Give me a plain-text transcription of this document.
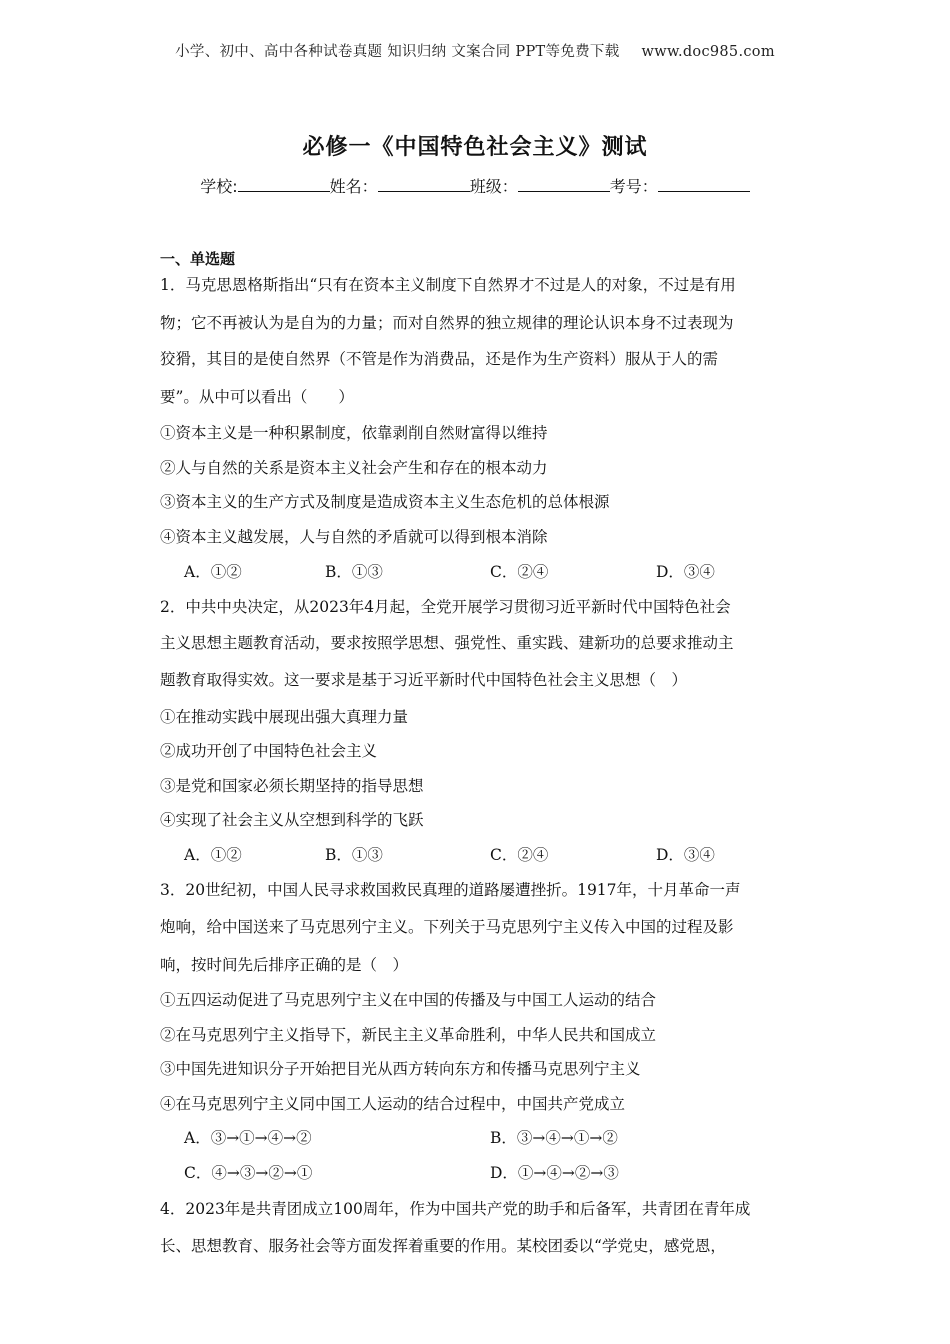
小学、初中、高中各种试卷真题 知识归纳 文案合同 PPT等免费下载 www.doc985.com
必修一《中国特色社会主义》测试
学校:	姓名：	班级：	考号：
一、单选题
1．马克思恩格斯指出“只有在资本主义制度下自然界才不过是人的对象，不过是有用
物；它不再被认为是自为的力量；而对自然界的独立规律的理论认识本身不过表现为
狡猾，其目的是使自然界（不管是作为消费品，还是作为生产资料）服从于人的需
要”。从中可以看出（　　）
①资本主义是一种积累制度，依靠剥削自然财富得以维持
②人与自然的关系是资本主义社会产生和存在的根本动力
③资本主义的生产方式及制度是造成资本主义生态危机的总体根源
④资本主义越发展，人与自然的矛盾就可以得到根本消除
A．①②	B．①③	C．②④	D．③④
2．中共中央决定，从2023年4月起，全党开展学习贯彻习近平新时代中国特色社会
主义思想主题教育活动，要求按照学思想、强党性、重实践、建新功的总要求推动主
题教育取得实效。这一要求是基于习近平新时代中国特色社会主义思想（　）
①在推动实践中展现出强大真理力量
②成功开创了中国特色社会主义
③是党和国家必须长期坚持的指导思想
④实现了社会主义从空想到科学的飞跃
A．①②	B．①③	C．②④	D．③④
3．20世纪初，中国人民寻求救国救民真理的道路屡遭挫折。1917年，十月革命一声
炮响，给中国送来了马克思列宁主义。下列关于马克思列宁主义传入中国的过程及影
响，按时间先后排序正确的是（　）
①五四运动促进了马克思列宁主义在中国的传播及与中国工人运动的结合
②在马克思列宁主义指导下，新民主主义革命胜利，中华人民共和国成立
③中国先进知识分子开始把目光从西方转向东方和传播马克思列宁主义
④在马克思列宁主义同中国工人运动的结合过程中，中国共产党成立
A．③→①→④→②	B．③→④→①→②
C．④→③→②→①	D．①→④→②→③
4．2023年是共青团成立100周年，作为中国共产党的助手和后备军，共青团在青年成
长、思想教育、服务社会等方面发挥着重要的作用。某校团委以“学党史，感党恩，
